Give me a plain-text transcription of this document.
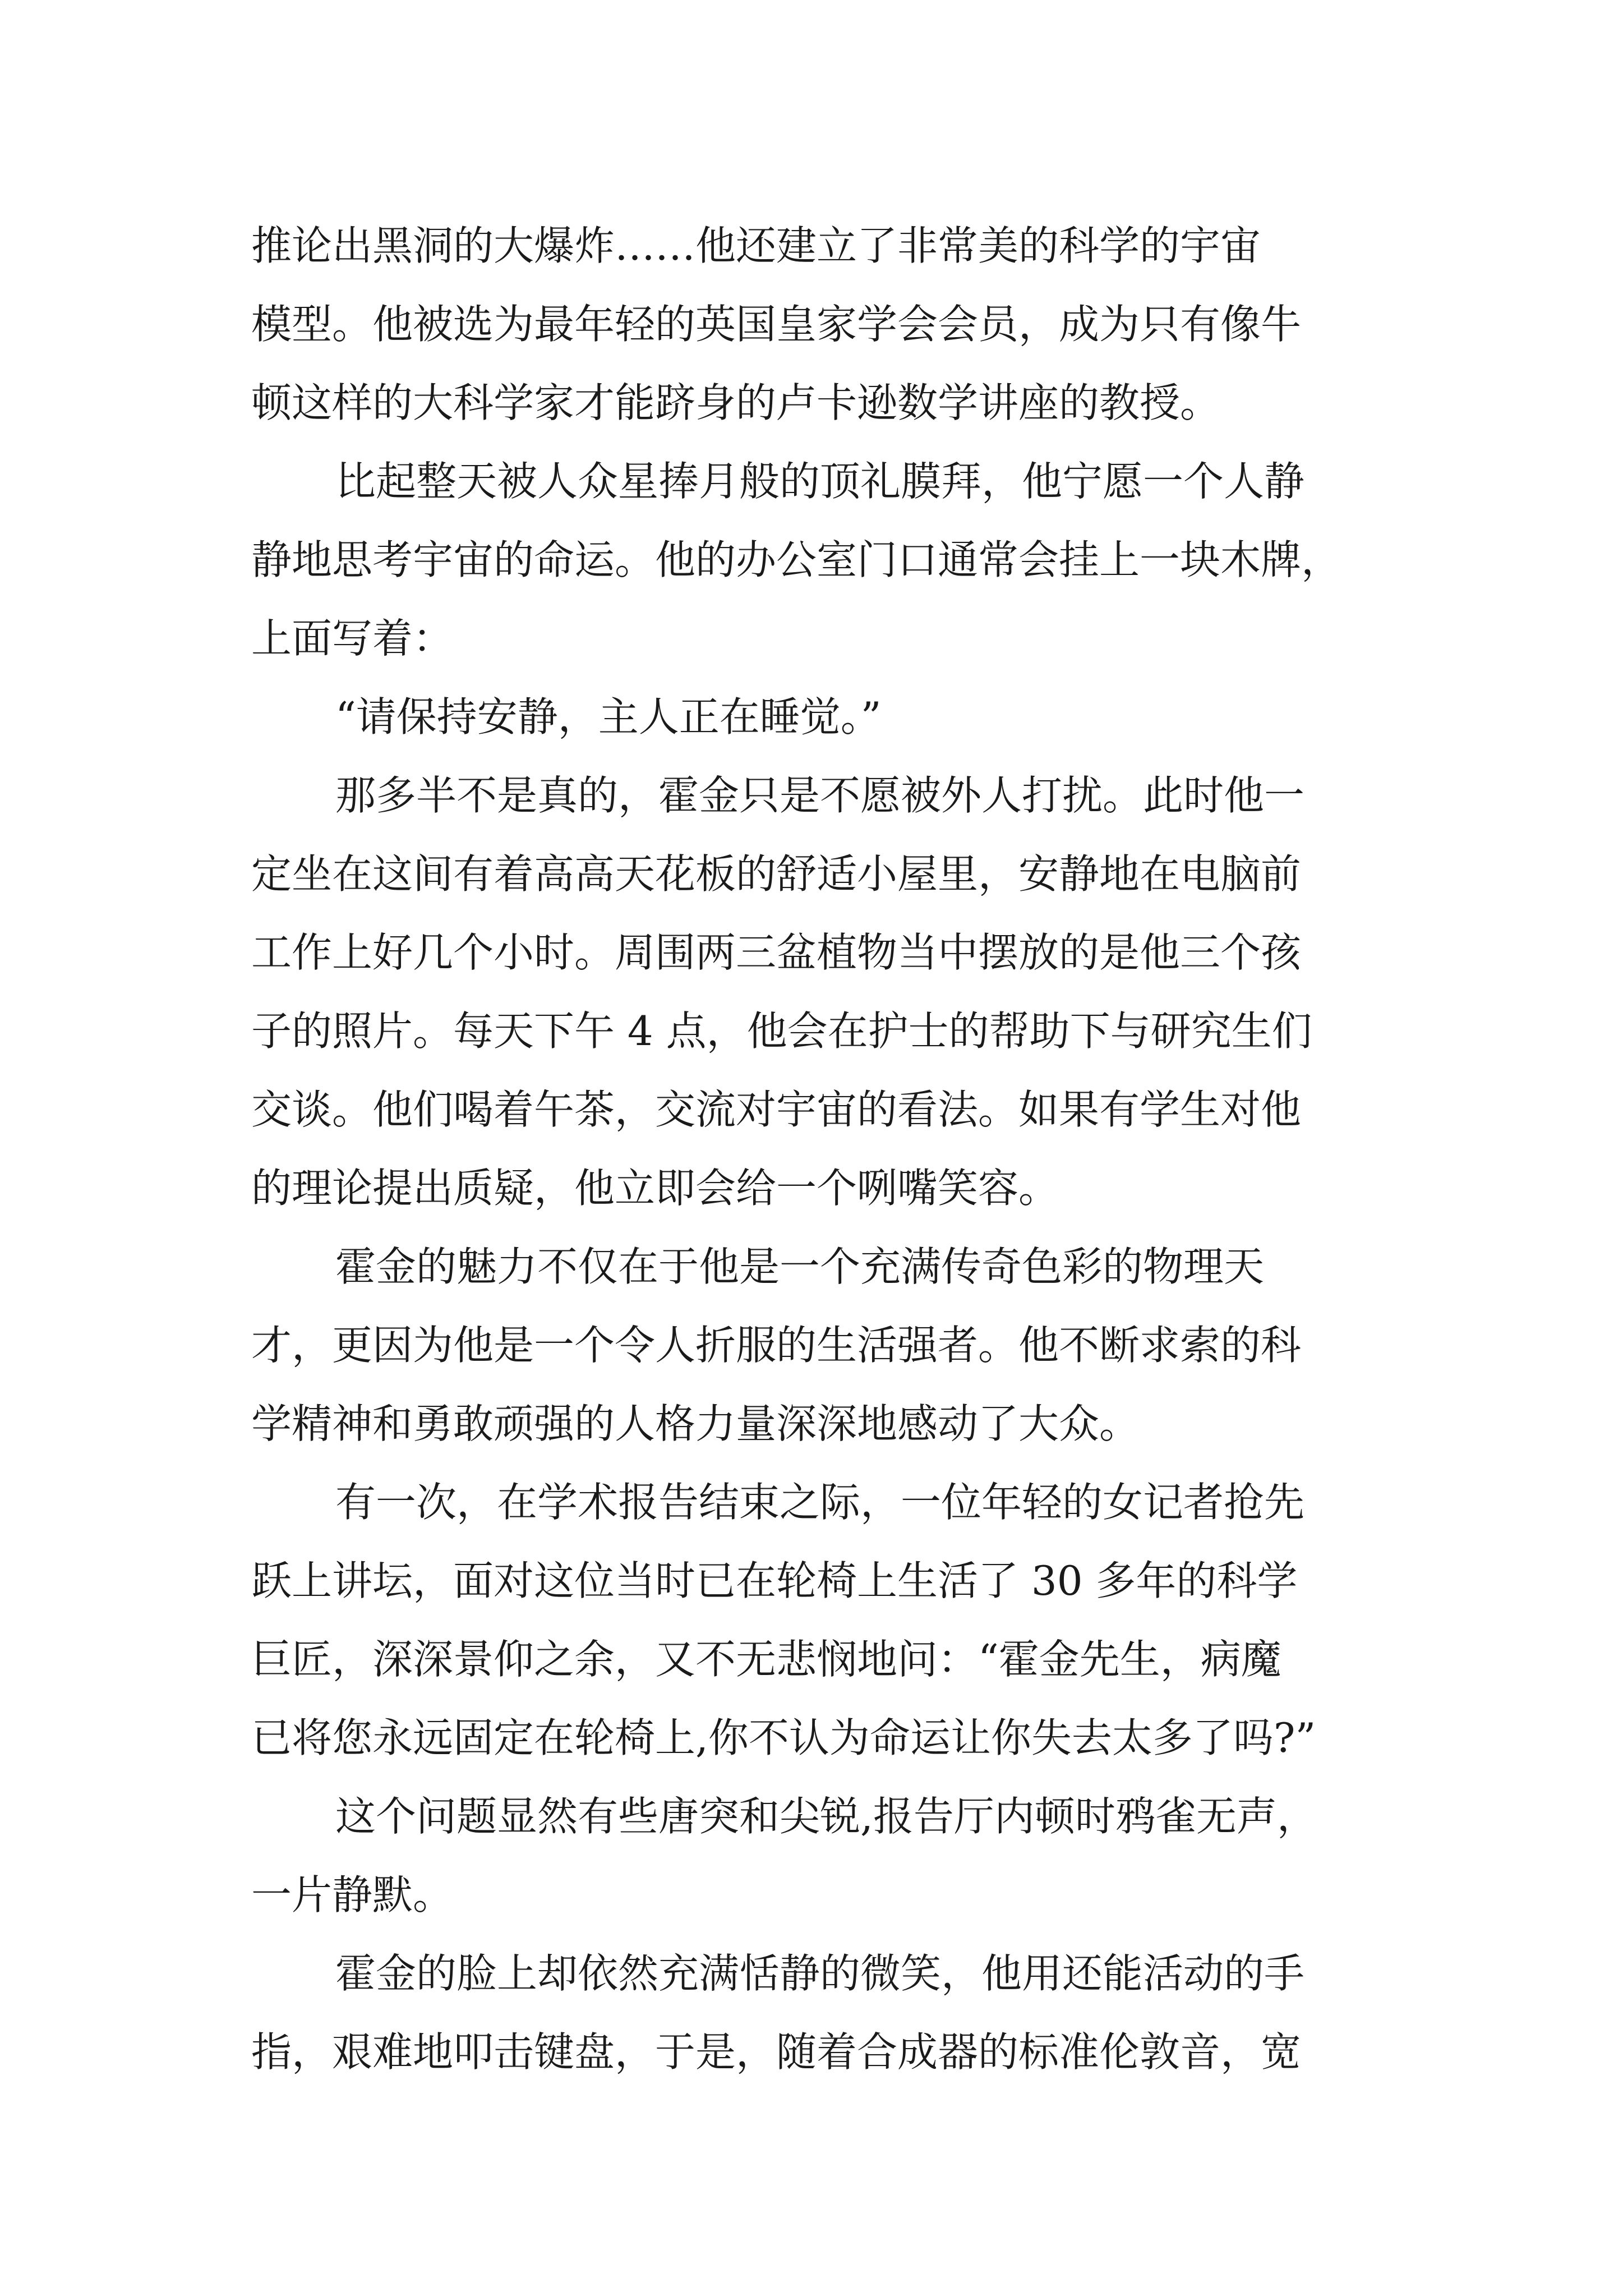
推论出黑洞的大爆炸……他还建立了非常美的科学的宇宙
模型。他被选为最年轻的英国皇家学会会员，成为只有像牛
顿这样的大科学家才能跻身的卢卡逊数学讲座的教授。
比起整天被人众星捧月般的顶礼膜拜，他宁愿一个人静
静地思考宇宙的命运。他的办公室门口通常会挂上一块木牌，
上面写着：
“请保持安静，主人正在睡觉。”
那多半不是真的，霍金只是不愿被外人打扰。此时他一
定坐在这间有着高高天花板的舒适小屋里，安静地在电脑前
工作上好几个小时。周围两三盆植物当中摆放的是他三个孩
子的照片。每天下午 4 点，他会在护士的帮助下与研究生们
交谈。他们喝着午茶，交流对宇宙的看法。如果有学生对他
的理论提出质疑，他立即会给一个咧嘴笑容。
霍金的魅力不仅在于他是一个充满传奇色彩的物理天
才，更因为他是一个令人折服的生活强者。他不断求索的科
学精神和勇敢顽强的人格力量深深地感动了大众。
有一次，在学术报告结束之际，一位年轻的女记者抢先
跃上讲坛，面对这位当时已在轮椅上生活了 30 多年的科学
巨匠，深深景仰之余，又不无悲悯地问：“霍金先生，病魔
已将您永远固定在轮椅上,你不认为命运让你失去太多了吗?”
这个问题显然有些唐突和尖锐,报告厅内顿时鸦雀无声，
一片静默。
霍金的脸上却依然充满恬静的微笑，他用还能活动的手
指，艰难地叩击键盘，于是，随着合成器的标准伦敦音，宽
